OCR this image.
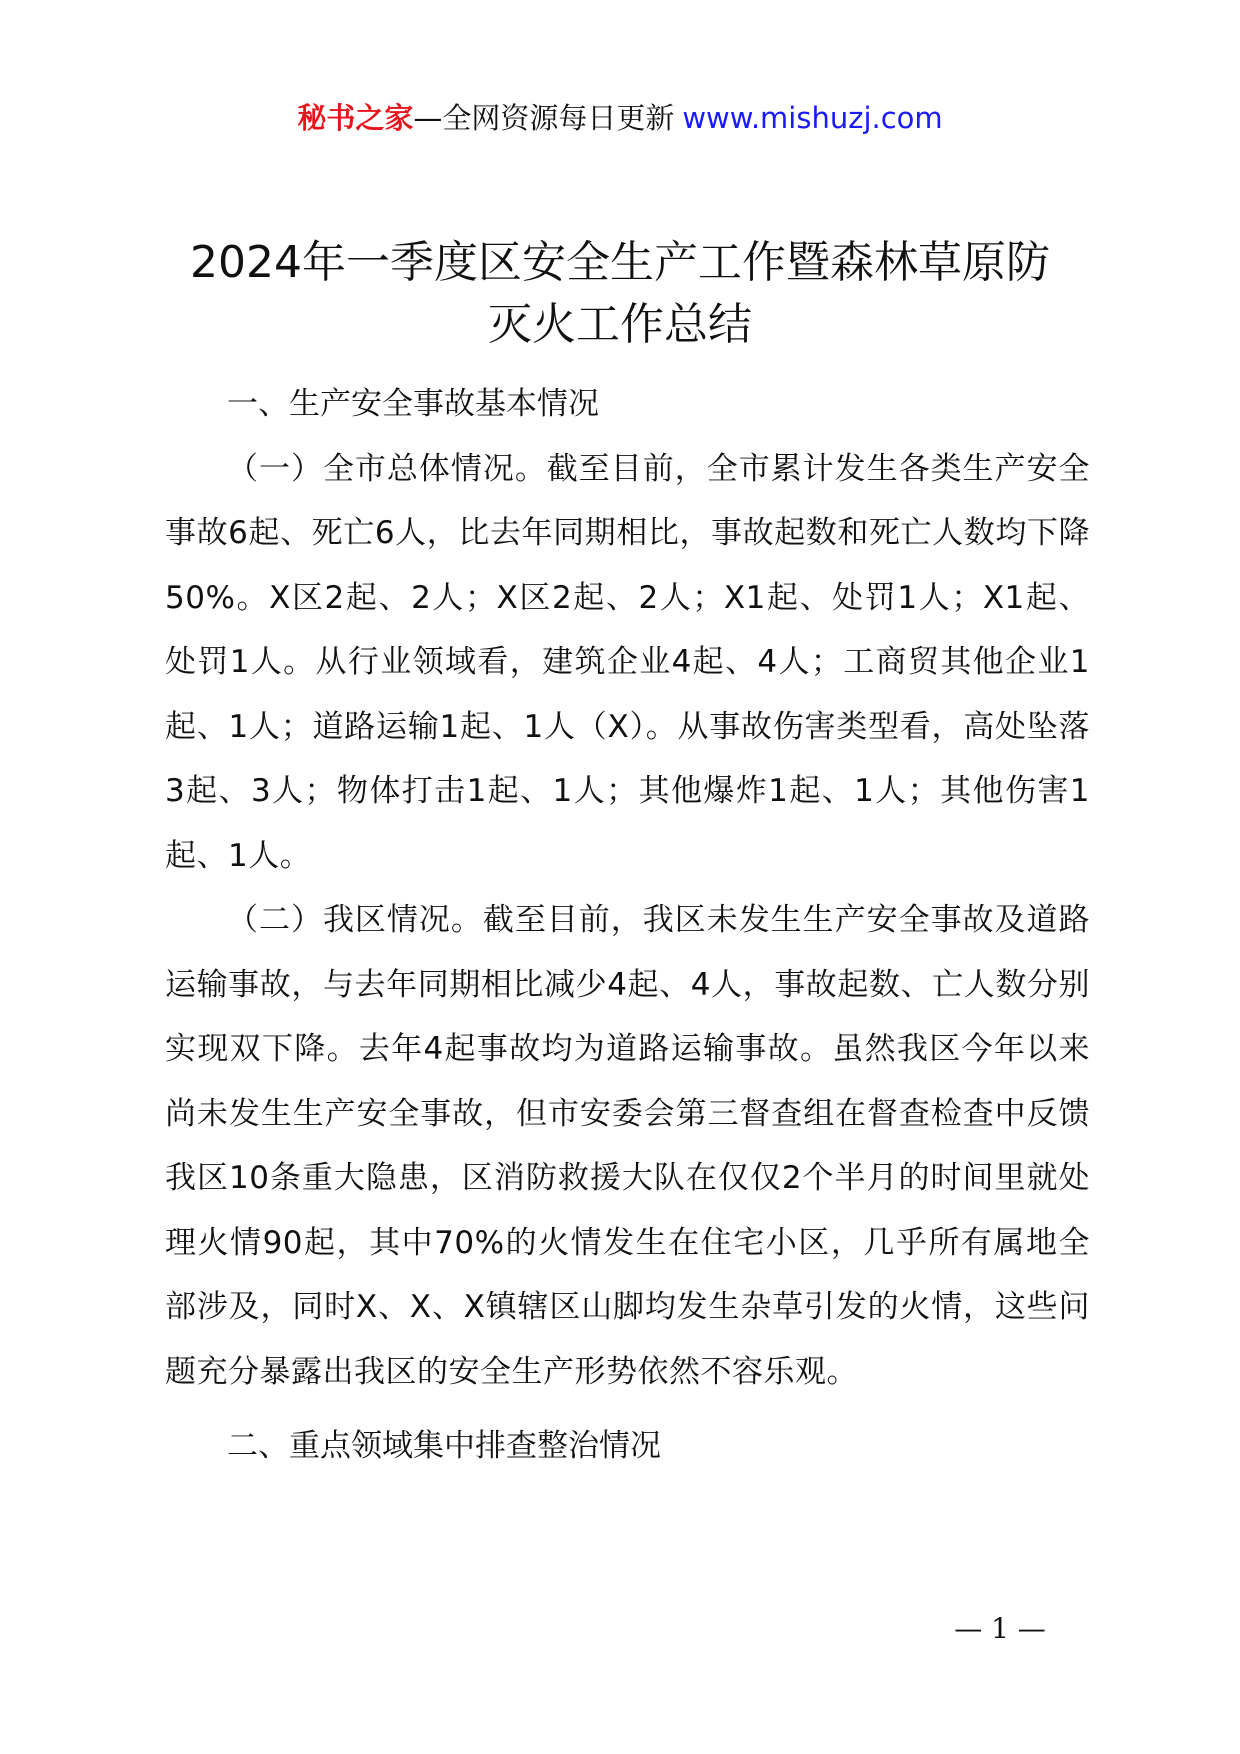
秘书之家—全网资源每日更新 www.mishuzj.com
2024年一季度区安全生产工作暨森林草原防
灭火工作总结
一、生产安全事故基本情况

（一）全市总体情况。截至目前，全市累计发生各类生产安全事故6起、死亡6人，比去年同期相比，事故起数和死亡人数均下降50%。X区2起、2人；X区2起、2人；X1起、处罚1人；X1起、处罚1人。从行业领域看，建筑企业4起、4人；工商贸其他企业1起、1人；道路运输1起、1人（X）。从事故伤害类型看，高处坠落3起、3人；物体打击1起、1人；其他爆炸1起、1人；其他伤害1起、1人。

（二）我区情况。截至目前，我区未发生生产安全事故及道路运输事故，与去年同期相比减少4起、4人，事故起数、亡人数分别实现双下降。去年4起事故均为道路运输事故。虽然我区今年以来尚未发生生产安全事故，但市安委会第三督查组在督查检查中反馈我区10条重大隐患，区消防救援大队在仅仅2个半月的时间里就处理火情90起，其中70%的火情发生在住宅小区，几乎所有属地全部涉及，同时X、X、X镇辖区山脚均发生杂草引发的火情，这些问题充分暴露出我区的安全生产形势依然不容乐观。

二、重点领域集中排查整治情况
— 1 —
